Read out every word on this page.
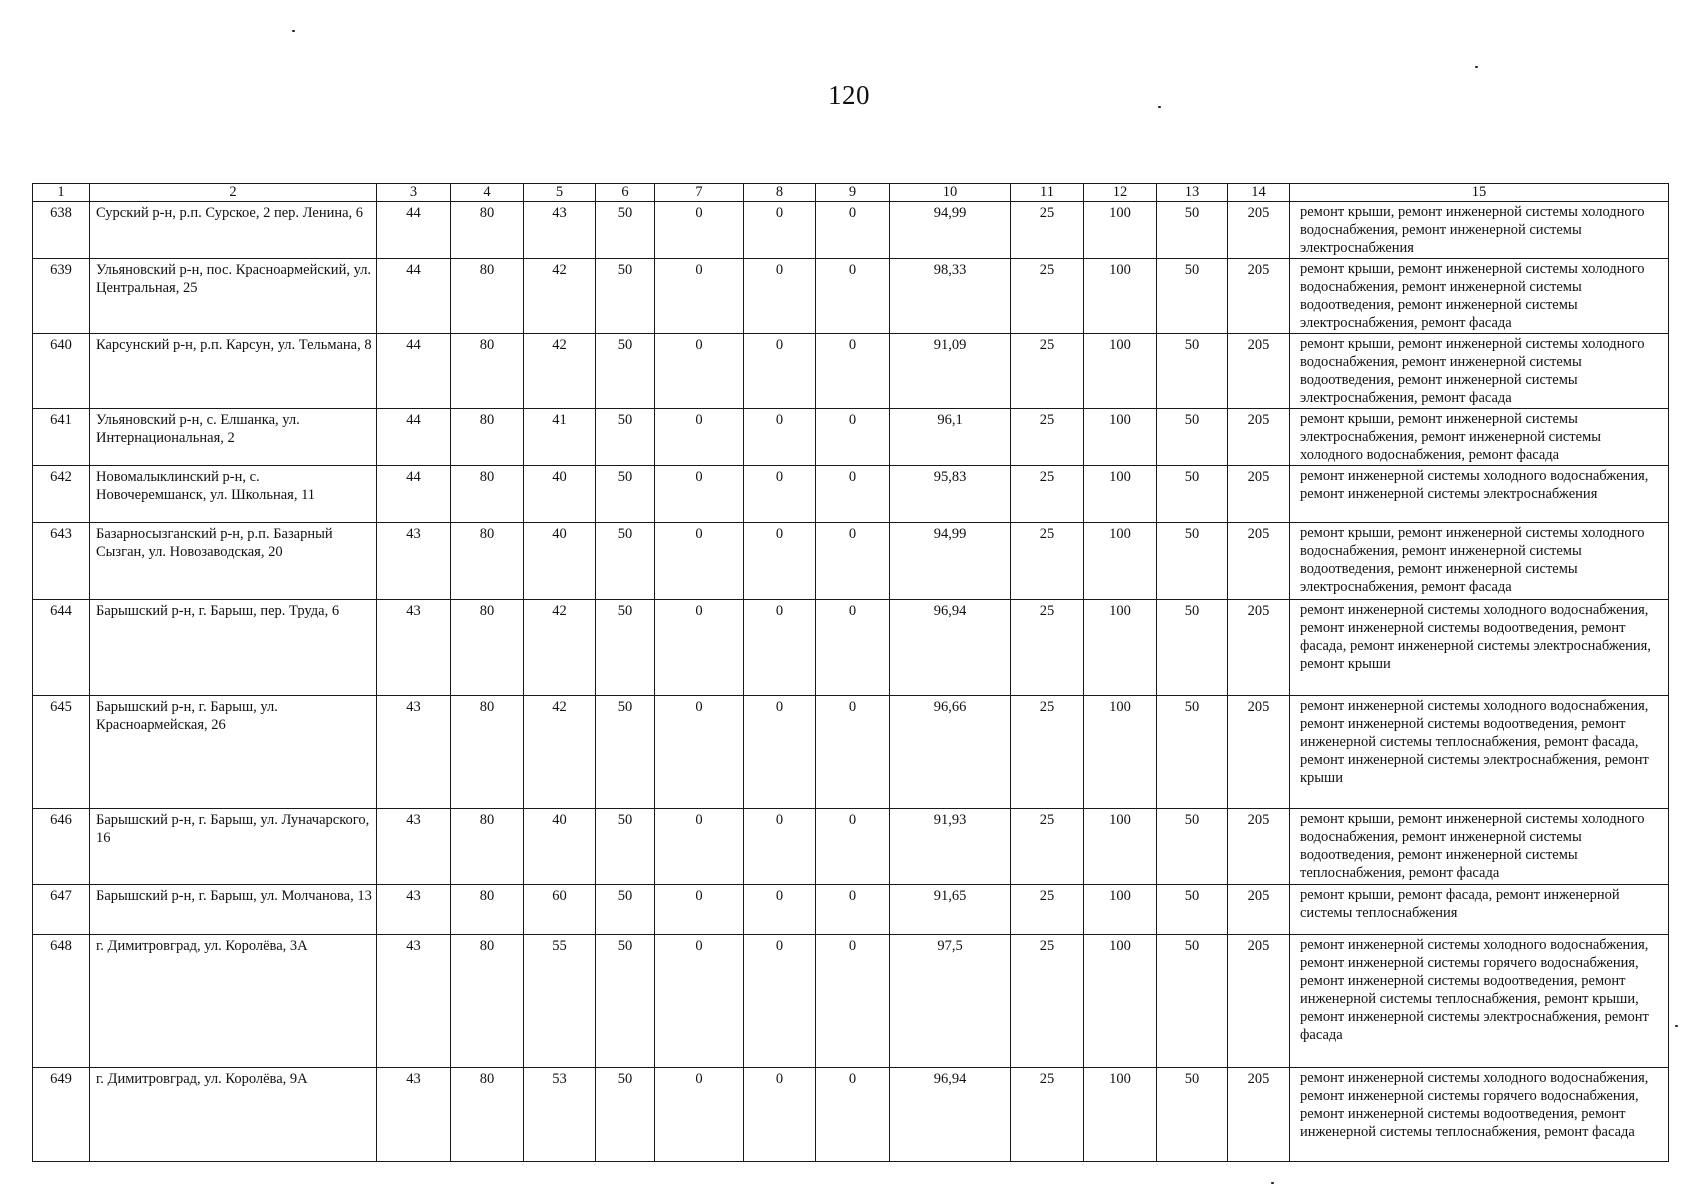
120
1	2	3	4	5	6	7	8	9	10	11	12	13	14	15
638	Сурский р-н, р.п. Сурское, 2 пер. Ленина, 6	44	80	43	50	0	0	0	94,99	25	100	50	205	ремонт крыши, ремонт инженерной системы холодного водоснабжения, ремонт инженерной системы электроснабжения
639	Ульяновский р-н, пос. Красноармейский, ул. Центральная, 25	44	80	42	50	0	0	0	98,33	25	100	50	205	ремонт крыши, ремонт инженерной системы холодного водоснабжения, ремонт инженерной системы водоотведения, ремонт инженерной системы электроснабжения, ремонт фасада
640	Карсунский р-н, р.п. Карсун, ул. Тельмана, 8	44	80	42	50	0	0	0	91,09	25	100	50	205	ремонт крыши, ремонт инженерной системы холодного водоснабжения, ремонт инженерной системы водоотведения, ремонт инженерной системы электроснабжения, ремонт фасада
641	Ульяновский р-н, с. Елшанка, ул. Интернациональная, 2	44	80	41	50	0	0	0	96,1	25	100	50	205	ремонт крыши, ремонт инженерной системы электроснабжения, ремонт инженерной системы холодного водоснабжения, ремонт фасада
642	Новомалыклинский р-н, с. Новочеремшанск, ул. Школьная, 11	44	80	40	50	0	0	0	95,83	25	100	50	205	ремонт инженерной системы холодного водоснабжения, ремонт инженерной системы электроснабжения
643	Базарносызганский р-н, р.п. Базарный Сызган, ул. Новозаводская, 20	43	80	40	50	0	0	0	94,99	25	100	50	205	ремонт крыши, ремонт инженерной системы холодного водоснабжения, ремонт инженерной системы водоотведения, ремонт инженерной системы электроснабжения, ремонт фасада
644	Барышский р-н, г. Барыш, пер. Труда, 6	43	80	42	50	0	0	0	96,94	25	100	50	205	ремонт инженерной системы холодного водоснабжения, ремонт инженерной системы водоотведения, ремонт фасада, ремонт инженерной системы электроснабжения, ремонт крыши
645	Барышский р-н, г. Барыш, ул. Красноармейская, 26	43	80	42	50	0	0	0	96,66	25	100	50	205	ремонт инженерной системы холодного водоснабжения, ремонт инженерной системы водоотведения, ремонт инженерной системы теплоснабжения, ремонт фасада, ремонт инженерной системы электроснабжения, ремонт крыши
646	Барышский р-н, г. Барыш, ул. Луначарского, 16	43	80	40	50	0	0	0	91,93	25	100	50	205	ремонт крыши, ремонт инженерной системы холодного водоснабжения, ремонт инженерной системы водоотведения, ремонт инженерной системы теплоснабжения, ремонт фасада
647	Барышский р-н, г. Барыш, ул. Молчанова, 13	43	80	60	50	0	0	0	91,65	25	100	50	205	ремонт крыши, ремонт фасада, ремонт инженерной системы теплоснабжения
648	г. Димитровград, ул. Королёва, 3А	43	80	55	50	0	0	0	97,5	25	100	50	205	ремонт инженерной системы холодного водоснабжения, ремонт инженерной системы горячего водоснабжения, ремонт инженерной системы водоотведения, ремонт инженерной системы теплоснабжения, ремонт крыши, ремонт инженерной системы электроснабжения, ремонт фасада
649	г. Димитровград, ул. Королёва, 9А	43	80	53	50	0	0	0	96,94	25	100	50	205	ремонт инженерной системы холодного водоснабжения, ремонт инженерной системы горячего водоснабжения, ремонт инженерной системы водоотведения, ремонт инженерной системы теплоснабжения, ремонт фасада
